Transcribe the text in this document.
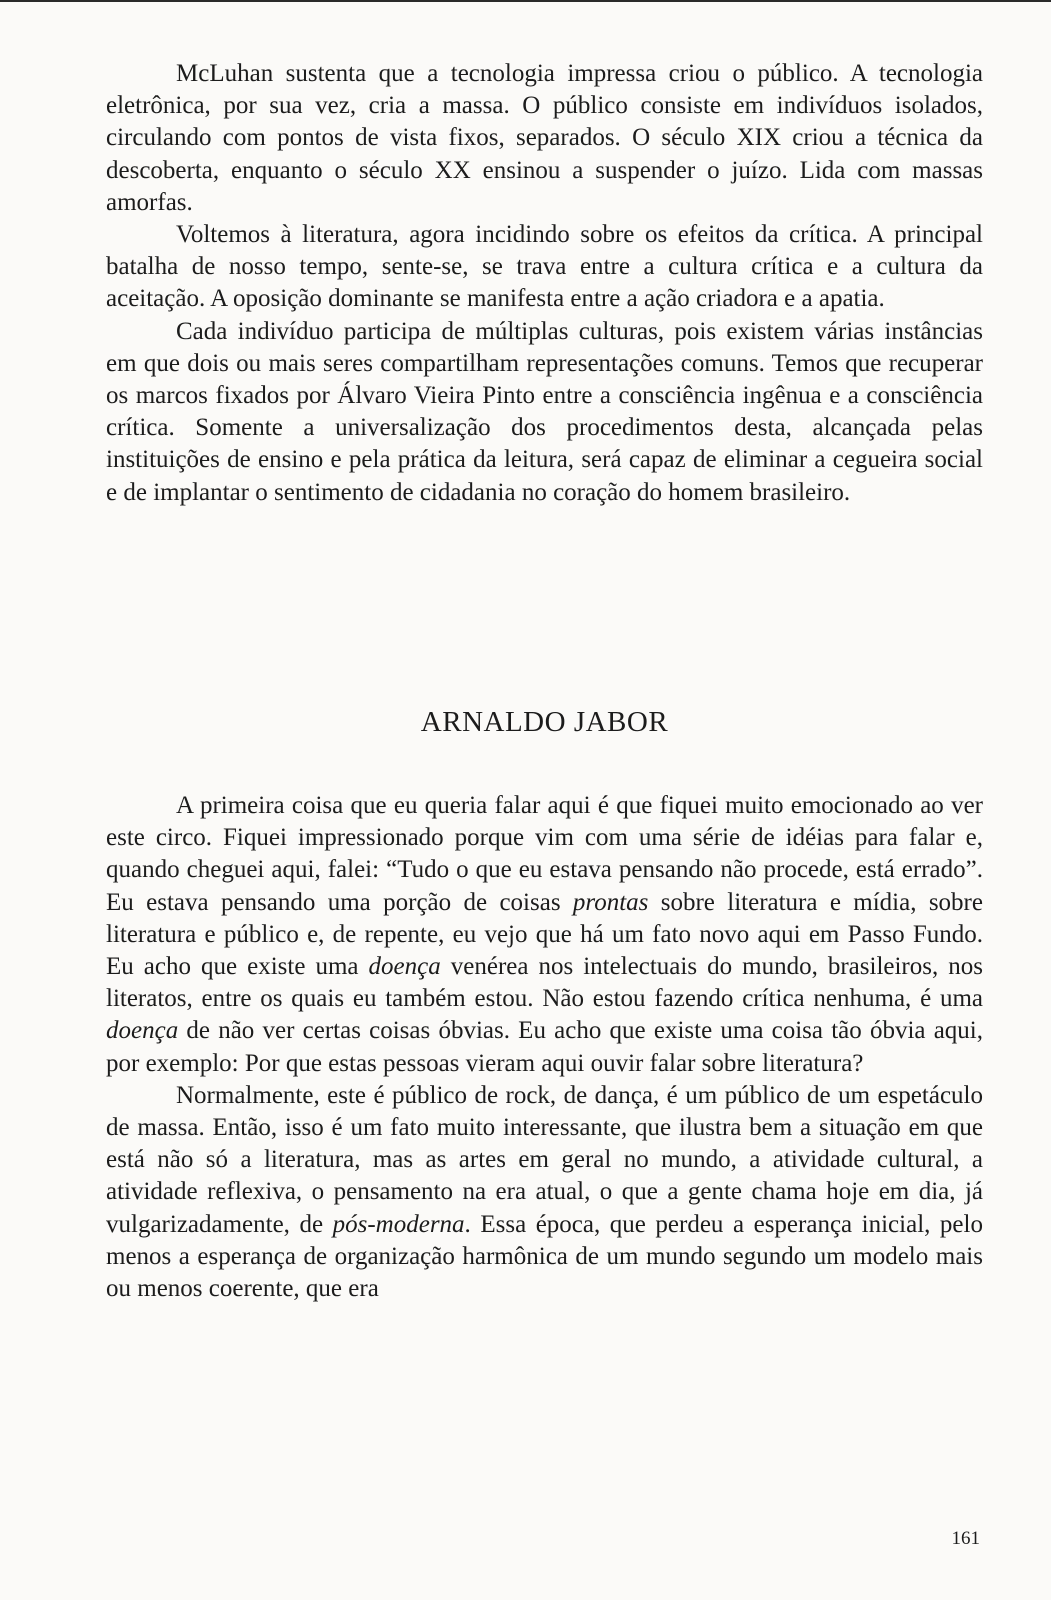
McLuhan sustenta que a tecnologia impressa criou o público. A tecnologia eletrônica, por sua vez, cria a massa. O público consiste em indivíduos isolados, circulando com pontos de vista fixos, separados. O século XIX criou a técnica da descoberta, enquanto o século XX ensinou a suspender o juízo. Lida com massas amorfas.

Voltemos à literatura, agora incidindo sobre os efeitos da crítica. A principal batalha de nosso tempo, sente-se, se trava entre a cultura crítica e a cultura da aceitação. A oposição dominante se manifesta entre a ação criadora e a apatia.

Cada indivíduo participa de múltiplas culturas, pois existem várias instâncias em que dois ou mais seres compartilham representações comuns. Temos que recuperar os marcos fixados por Álvaro Vieira Pinto entre a consciência ingênua e a consciência crítica. Somente a universalização dos procedimentos desta, alcançada pelas instituições de ensino e pela prática da leitura, será capaz de eliminar a cegueira social e de implantar o sentimento de cidadania no coração do homem brasileiro.

ARNALDO JABOR

A primeira coisa que eu queria falar aqui é que fiquei muito emocionado ao ver este circo. Fiquei impressionado porque vim com uma série de idéias para falar e, quando cheguei aqui, falei: “Tudo o que eu estava pensando não procede, está errado”. Eu estava pensando uma porção de coisas prontas sobre literatura e mídia, sobre literatura e público e, de repente, eu vejo que há um fato novo aqui em Passo Fundo. Eu acho que existe uma doença venérea nos intelectuais do mundo, brasileiros, nos literatos, entre os quais eu também estou. Não estou fazendo crítica nenhuma, é uma doença de não ver certas coisas óbvias. Eu acho que existe uma coisa tão óbvia aqui, por exemplo: Por que estas pessoas vieram aqui ouvir falar sobre literatura?

Normalmente, este é público de rock, de dança, é um público de um espetáculo de massa. Então, isso é um fato muito interessante, que ilustra bem a situação em que está não só a literatura, mas as artes em geral no mundo, a atividade cultural, a atividade reflexiva, o pensamento na era atual, o que a gente chama hoje em dia, já vulgarizadamente, de pós-moderna. Essa época, que perdeu a esperança inicial, pelo menos a esperança de organização harmônica de um mundo segundo um modelo mais ou menos coerente, que era

161
